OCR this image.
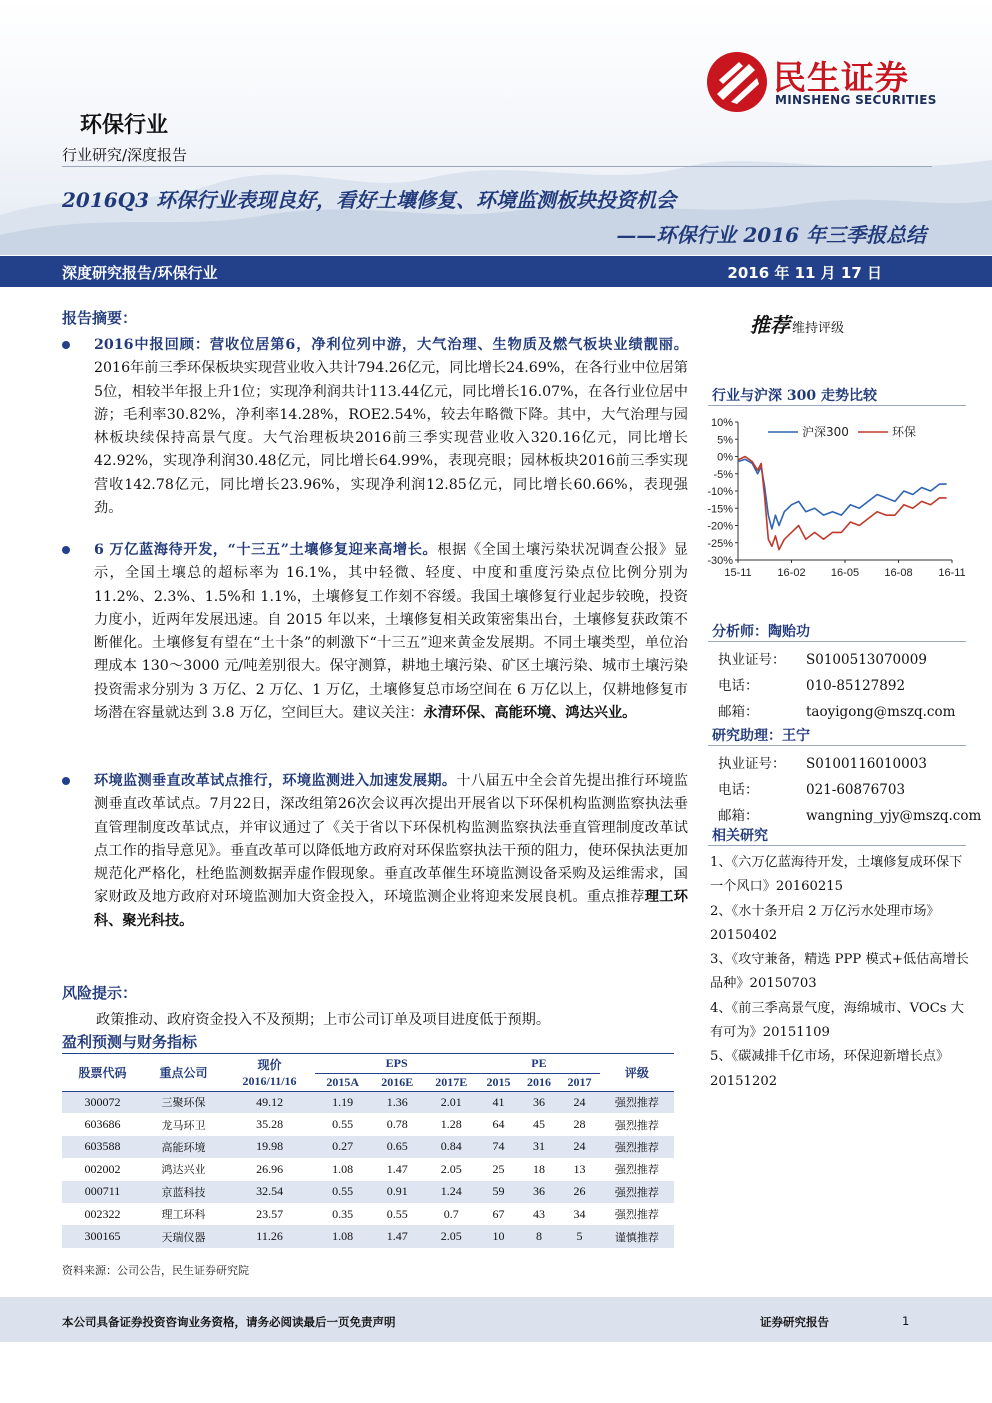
民生证券
MINSHENG SECURITIES
环保行业
行业研究/深度报告
2016Q3 环保行业表现良好，看好土壤修复、环境监测板块投资机会
——环保行业 2016 年三季报总结
深度研究报告/环保行业	2016 年 11 月 17 日
报告摘要：

2016中报回顾：营收位居第6，净利位列中游，大气治理、生物质及燃气板块业绩靓丽。2016年前三季环保板块实现营业收入共计794.26亿元，同比增长24.69%，在各行业中位居第5位，相较半年报上升1位；实现净利润共计113.44亿元，同比增长16.07%，在各行业位居中游；毛利率30.82%，净利率14.28%，ROE2.54%，较去年略微下降。其中，大气治理与园林板块续保持高景气度。大气治理板块2016前三季实现营业收入320.16亿元，同比增长42.92%，实现净利润30.48亿元，同比增长64.99%，表现亮眼；园林板块2016前三季实现营收142.78亿元，同比增长23.96%，实现净利润12.85亿元，同比增长60.66%，表现强劲。

6 万亿蓝海待开发，“十三五”土壤修复迎来高增长。根据《全国土壤污染状况调查公报》显示，全国土壤总的超标率为 16.1%，其中轻微、轻度、中度和重度污染点位比例分别为 11.2%、2.3%、1.5%和 1.1%，土壤修复工作刻不容缓。我国土壤修复行业起步较晚，投资力度小，近两年发展迅速。自 2015 年以来，土壤修复相关政策密集出台，土壤修复获政策不断催化。土壤修复有望在“土十条”的刺激下“十三五”迎来黄金发展期。不同土壤类型，单位治理成本 130～3000 元/吨差别很大。保守测算，耕地土壤污染、矿区土壤污染、城市土壤污染投资需求分别为 3 万亿、2 万亿、1 万亿，土壤修复总市场空间在 6 万亿以上，仅耕地修复市场潜在容量就达到 3.8 万亿，空间巨大。建议关注：永清环保、高能环境、鸿达兴业。

环境监测垂直改革试点推行，环境监测进入加速发展期。十八届五中全会首先提出推行环境监测垂直改革试点。7月22日，深改组第26次会议再次提出开展省以下环保机构监测监察执法垂直管理制度改革试点，并审议通过了《关于省以下环保机构监测监察执法垂直管理制度改革试点工作的指导意见》。垂直改革可以降低地方政府对环保监察执法干预的阻力，使环保执法更加规范化严格化，杜绝监测数据弄虚作假现象。垂直改革催生环境监测设备采购及运维需求，国家财政及地方政府对环境监测加大资金投入，环境监测企业将迎来发展良机。重点推荐理工环科、聚光科技。

风险提示：
政策推动、政府资金投入不及预期；上市公司订单及项目进度低于预期。
盈利预测与财务指标
股票代码	重点公司	现价	EPS			PE			评级
		2016/11/16	2015A	2016E	2017E	2015	2016	2017	
300072	三聚环保	49.12	1.19	1.36	2.01	41	36	24	强烈推荐
603686	龙马环卫	35.28	0.55	0.78	1.28	64	45	28	强烈推荐
603588	高能环境	19.98	0.27	0.65	0.84	74	31	24	强烈推荐
002002	鸿达兴业	26.96	1.08	1.47	2.05	25	18	13	强烈推荐
000711	京蓝科技	32.54	0.55	0.91	1.24	59	36	26	强烈推荐
002322	理工环科	23.57	0.35	0.55	0.7	67	43	34	强烈推荐
300165	天瑞仪器	11.26	1.08	1.47	2.05	10	8	5	谨慎推荐
资料来源：公司公告，民生证券研究院
推荐 维持评级
行业与沪深 300 走势比较
10%
5%
0%
-5%
-10%
-15%
-20%
-25%
-30%
15-11 16-02 16-05 16-08 16-11
沪深300	环保
分析师：陶贻功
执业证号： S0100513070009
电话：	010-85127892
邮箱：	taoyigong@mszq.com
研究助理：王宁
执业证号： S0100116010003
电话：	021-60876703
邮箱：	wangning_yjy@mszq.com
相关研究
1、《六万亿蓝海待开发，土壤修复成环保下一个风口》20160215
2、《水十条开启 2 万亿污水处理市场》20150402
3、《攻守兼备，精选 PPP 模式+低估高增长品种》20150703
4、《前三季高景气度，海绵城市、VOCs 大有可为》20151109
5、《碳减排千亿市场，环保迎新增长点》20151202
本公司具备证券投资咨询业务资格，请务必阅读最后一页免责声明	证券研究报告	1
